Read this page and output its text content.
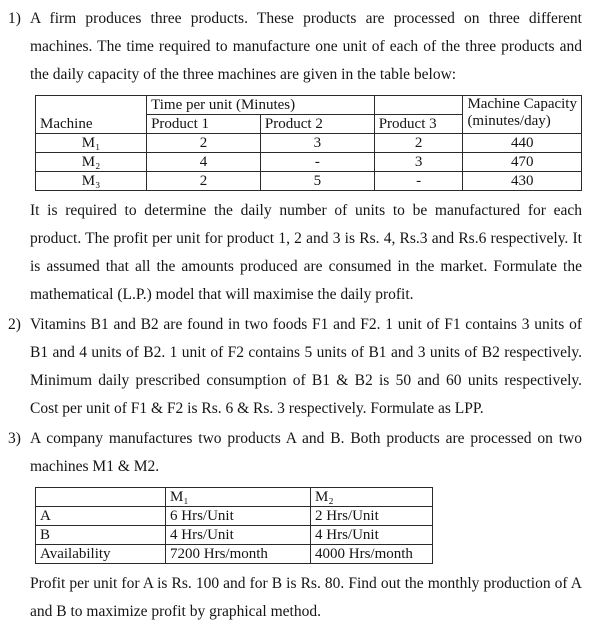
1) A firm produces three products. These products are processed on three different machines. The time required to manufacture one unit of each of the three products and the daily capacity of the three machines are given in the table below:

Machine	Time per unit (Minutes)			Machine Capacity
(minutes/day)

	Product 1	Product 2	Product 3	
M₁	2	3	2	440
M₂	4	-	3	470
M₃	2	5	-	430

It is required to determine the daily number of units to be manufactured for each product. The profit per unit for product 1, 2 and 3 is Rs. 4, Rs.3 and Rs.6 respectively. It is assumed that all the amounts produced are consumed in the market. Formulate the mathematical (L.P.) model that will maximise the daily profit.

2) Vitamins B1 and B2 are found in two foods F1 and F2. 1 unit of F1 contains 3 units of B1 and 4 units of B2. 1 unit of F2 contains 5 units of B1 and 3 units of B2 respectively. Minimum daily prescribed consumption of B1 & B2 is 50 and 60 units respectively. Cost per unit of F1 & F2 is Rs. 6 & Rs. 3 respectively. Formulate as LPP.

3) A company manufactures two products A and B. Both products are processed on two machines M1 & M2.

	M₁	M₂
A	6 Hrs/Unit	2 Hrs/Unit
B	4 Hrs/Unit	4 Hrs/Unit
Availability	7200 Hrs/month	4000 Hrs/month

Profit per unit for A is Rs. 100 and for B is Rs. 80. Find out the monthly production of A and B to maximize profit by graphical method.
